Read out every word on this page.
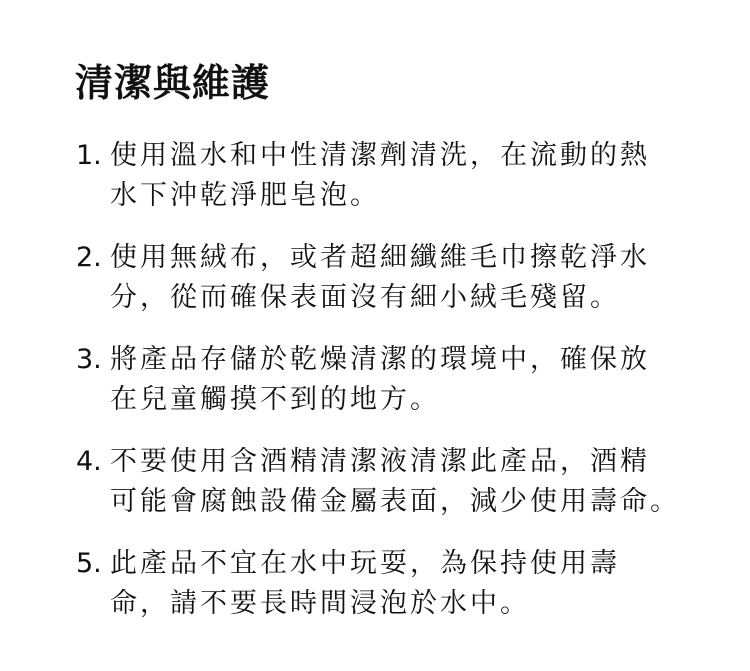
清潔與維護
1. 使用溫水和中性清潔劑清洗，在流動的熱
水下沖乾淨肥皂泡。
2. 使用無絨布，或者超細纖維毛巾擦乾淨水
分，從而確保表面沒有細小絨毛殘留。
3. 將產品存儲於乾燥清潔的環境中，確保放
在兒童觸摸不到的地方。
4. 不要使用含酒精清潔液清潔此產品，酒精
可能會腐蝕設備金屬表面，減少使用壽命。
5. 此產品不宜在水中玩耍，為保持使用壽
命，請不要長時間浸泡於水中。
